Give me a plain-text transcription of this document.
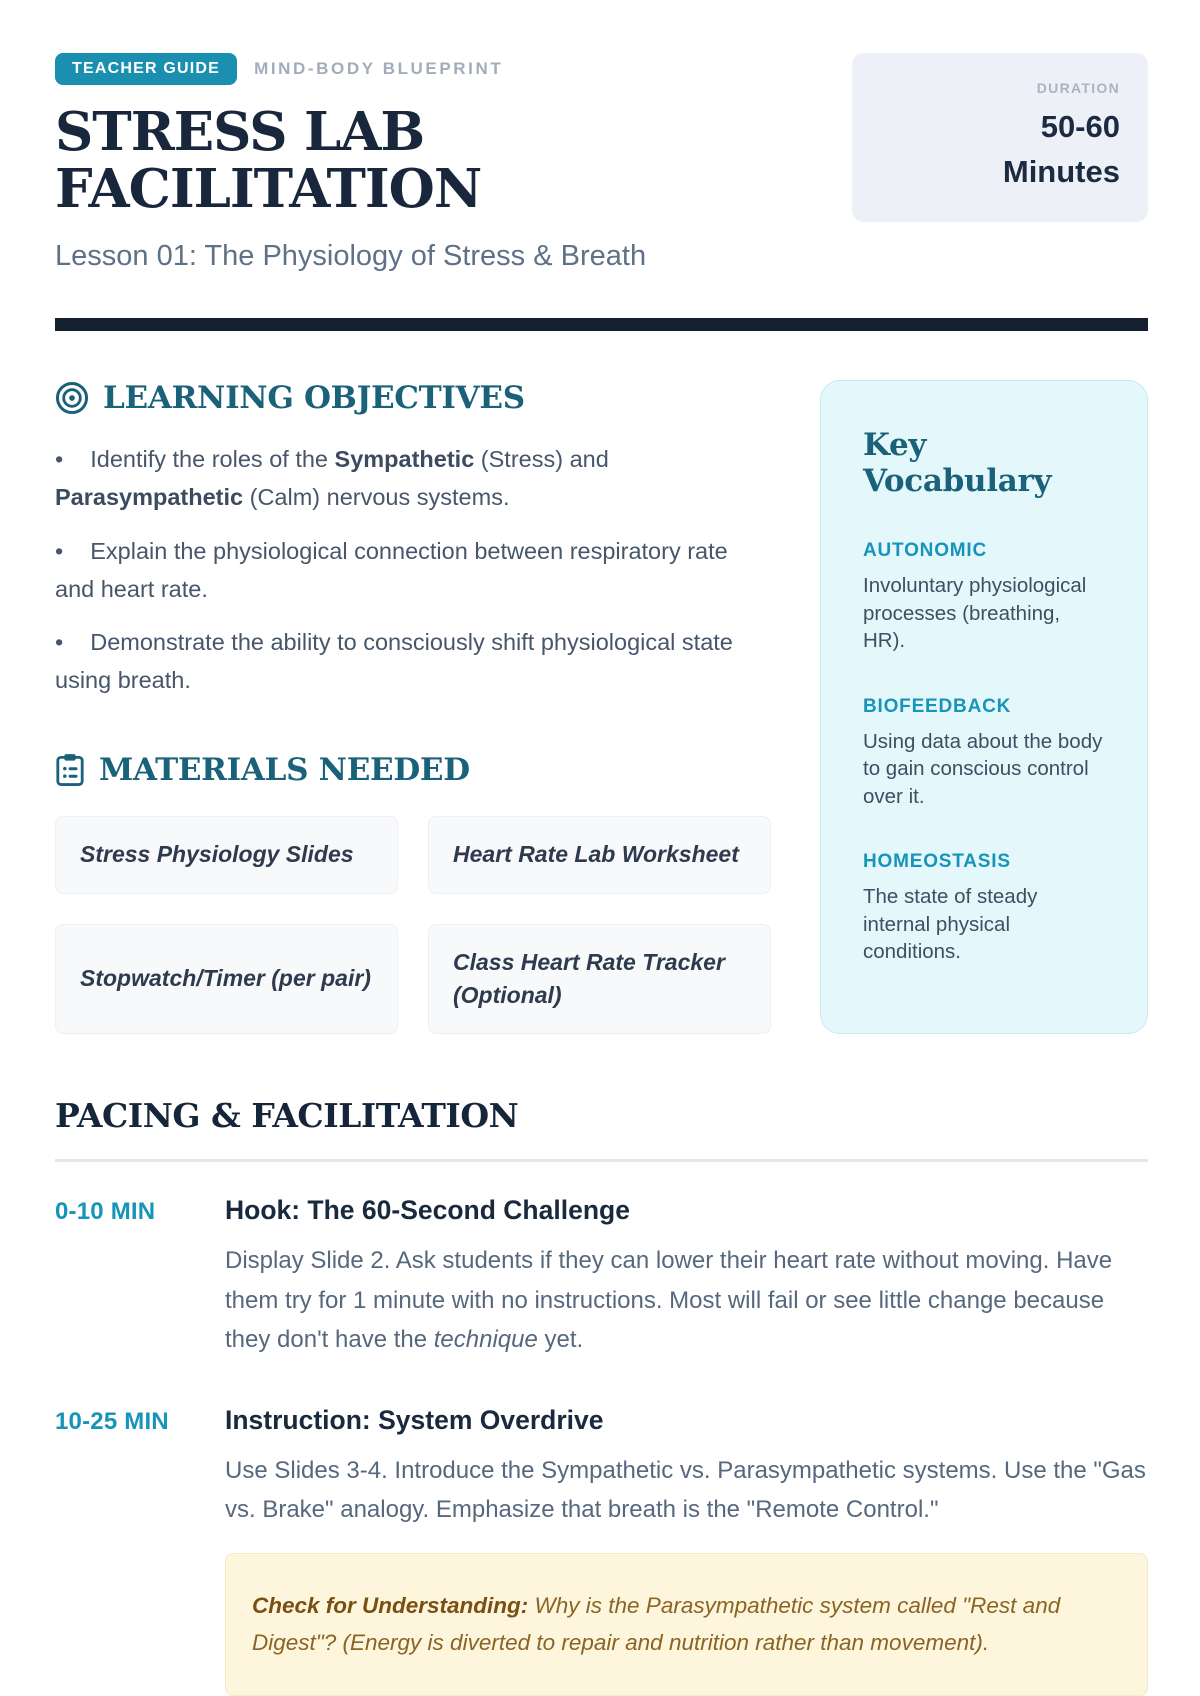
TEACHER GUIDE	MIND-BODY BLUEPRINT
STRESS LAB
FACILITATION
Lesson 01: The Physiology of Stress & Breath
DURATION
50-60 Minutes
LEARNING OBJECTIVES
• Identify the roles of the Sympathetic (Stress) and Parasympathetic (Calm) nervous systems.
• Explain the physiological connection between respiratory rate and heart rate.
• Demonstrate the ability to consciously shift physiological state using breath.
MATERIALS NEEDED
Stress Physiology Slides	Heart Rate Lab Worksheet
Stopwatch/Timer (per pair)
Class Heart Rate Tracker (Optional)
Key Vocabulary
AUTONOMIC
Involuntary physiological processes (breathing, HR).
BIOFEEDBACK
Using data about the body to gain conscious control over it.
HOMEOSTASIS
The state of steady internal physical conditions.
PACING & FACILITATION
0-10 MIN	Hook: The 60-Second Challenge

Display Slide 2. Ask students if they can lower their heart rate without moving. Have them try for 1 minute with no instructions. Most will fail or see little change because they don't have the technique yet.

10-25 MIN	Instruction: System Overdrive

Use Slides 3-4. Introduce the Sympathetic vs. Parasympathetic systems. Use the "Gas vs. Brake" analogy. Emphasize that breath is the "Remote Control."

Check for Understanding: Why is the Parasympathetic system called "Rest and Digest"? (Energy is diverted to repair and nutrition rather than movement).
